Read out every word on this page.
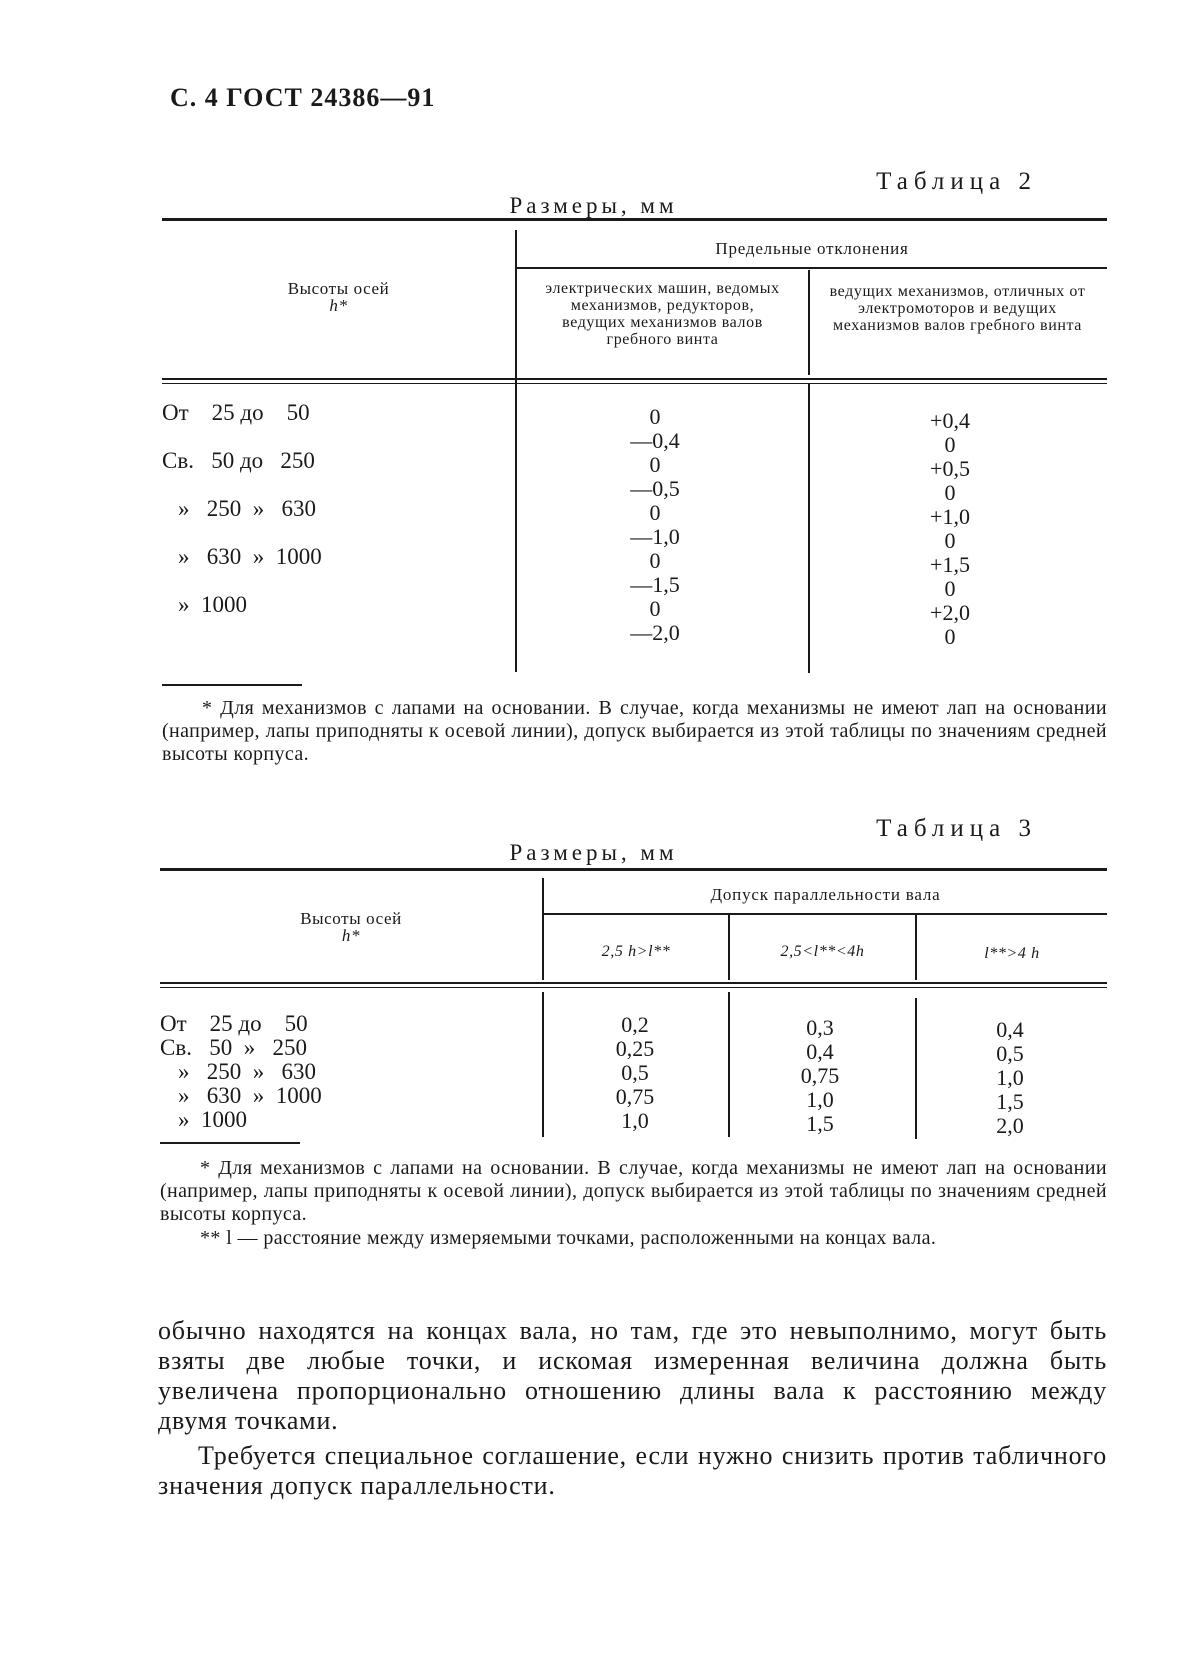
С. 4 ГОСТ 24386—91
Таблица 2
Размеры, мм
Предельные отклонения
Высоты осей
h*
электрических машин, ведомых механизмов, редукторов, ведущих механизмов валов гребного винта
ведущих механизмов, отличных от электромоторов и ведущих механизмов валов гребного винта
От    25 до    50
Св.   50 до   250
»   250  »   630
»   630  »  1000
»  1000
0
—0,4
0
—0,5
0
—1,0
0
—1,5
0
—2,0
+0,4
0
+0,5
0
+1,0
0
+1,5
0
+2,0
0
* Для механизмов с лапами на основании. В случае, когда механизмы не имеют лап на основании (например, лапы приподняты к осевой линии), допуск выбирается из этой таблицы по значениям средней высоты корпуса.
Таблица 3
Размеры, мм
Допуск параллельности вала
Высоты осей
h*
2,5 h>l**	2,5<l**<4h	l**>4 h
От    25 до    50
Св.   50  »   250
»   250  »   630
»   630  »  1000
»  1000
0,2
0,25
0,5
0,75
1,0
0,3
0,4
0,75
1,0
1,5
0,4
0,5
1,0
1,5
2,0
* Для механизмов с лапами на основании. В случае, когда механизмы не имеют лап на основании (например, лапы приподняты к осевой линии), допуск выбирается из этой таблицы по значениям средней высоты корпуса.
** l — расстояние между измеряемыми точками, расположенными на концах вала.
обычно находятся на концах вала, но там, где это невыполнимо, могут быть взяты две любые точки, и искомая измеренная величина должна быть увеличена пропорционально отношению длины вала к расстоянию между двумя точками.
Требуется специальное соглашение, если нужно снизить против табличного значения допуск параллельности.
